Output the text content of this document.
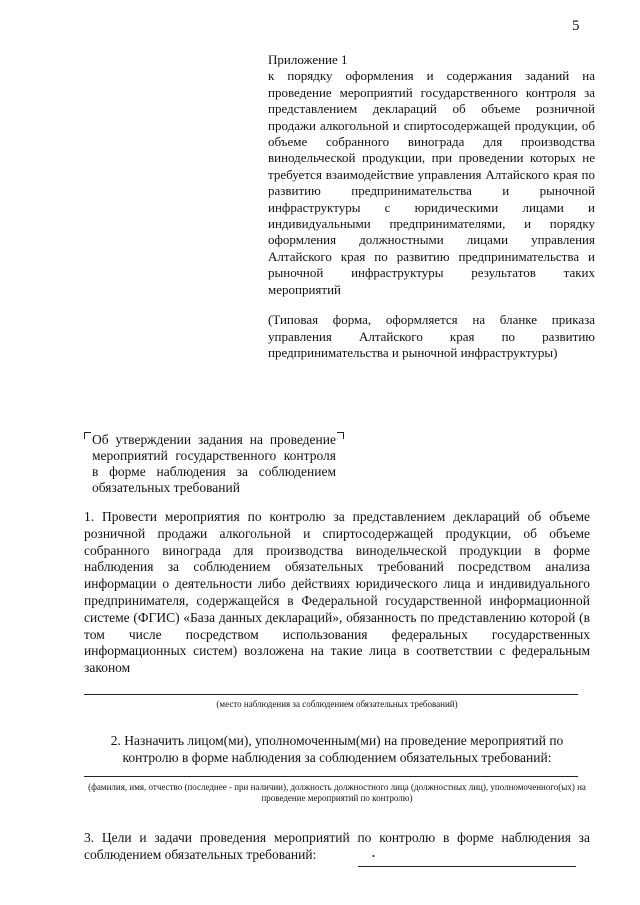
5

Приложение 1

к порядку оформления и содержания заданий на проведение мероприятий государственного контроля за представлением деклараций об объеме розничной продажи алкогольной и спиртосодержащей продукции, об объеме собранного винограда для производства винодельческой продукции, при проведении которых не требуется взаимодействие управления Алтайского края по развитию предпринимательства и рыночной инфраструктуры с юридическими лицами и индивидуальными предпринимателями, и порядку оформления должностными лицами управления Алтайского края по развитию предпринимательства и рыночной инфраструктуры результатов таких мероприятий

(Типовая форма, оформляется на бланке приказа управления Алтайского края по развитию предпринимательства и рыночной инфраструктуры)

Об утверждении задания на проведение мероприятий государственного контроля в форме наблюдения за соблюдением обязательных требований

1. Провести мероприятия по контролю за представлением деклараций об объеме розничной продажи алкогольной и спиртосодержащей продукции, об объеме собранного винограда для производства винодельческой продукции в форме наблюдения за соблюдением обязательных требований посредством анализа информации о деятельности либо действиях юридического лица и индивидуального предпринимателя, содержащейся в Федеральной государственной информационной системе (ФГИС) «База данных деклараций», обязанность по представлению которой (в том числе посредством использования федеральных государственных информационных систем) возложена на такие лица в соответствии с федеральным законом

(место наблюдения за соблюдением обязательных требований)

2. Назначить лицом(ми), уполномоченным(ми) на проведение мероприятий по контролю в форме наблюдения за соблюдением обязательных требований:

(фамилия, имя, отчество (последнее - при наличии), должность должностного лица (должностных лиц), уполномоченного(ых) на проведение мероприятий по контролю)

3. Цели и задачи проведения мероприятий по контролю в форме наблюдения за соблюдением обязательных требований:	•
